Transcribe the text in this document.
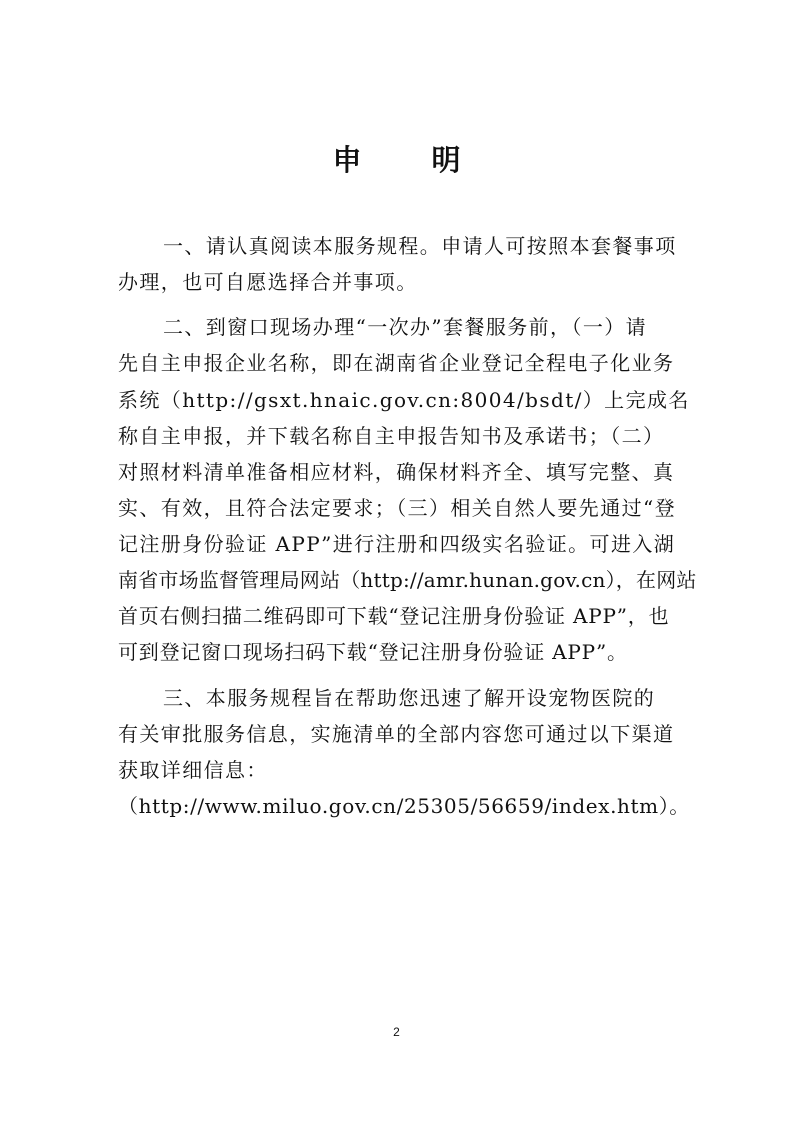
申 明
一、请认真阅读本服务规程。申请人可按照本套餐事项
办理，也可自愿选择合并事项。
二、到窗口现场办理“一次办”套餐服务前，（一）请
先自主申报企业名称，即在湖南省企业登记全程电子化业务
系统（http://gsxt.hnaic.gov.cn:8004/bsdt/）上完成名
称自主申报，并下载名称自主申报告知书及承诺书；（二）
对照材料清单准备相应材料，确保材料齐全、填写完整、真
实、有效，且符合法定要求；（三）相关自然人要先通过“登
记注册身份验证 APP”进行注册和四级实名验证。可进入湖
南省市场监督管理局网站（http://amr.hunan.gov.cn），在网站
首页右侧扫描二维码即可下载“登记注册身份验证 APP”，也
可到登记窗口现场扫码下载“登记注册身份验证 APP”。
三、本服务规程旨在帮助您迅速了解开设宠物医院的
有关审批服务信息，实施清单的全部内容您可通过以下渠道
获取详细信息：
（http://www.miluo.gov.cn/25305/56659/index.htm）。
2
